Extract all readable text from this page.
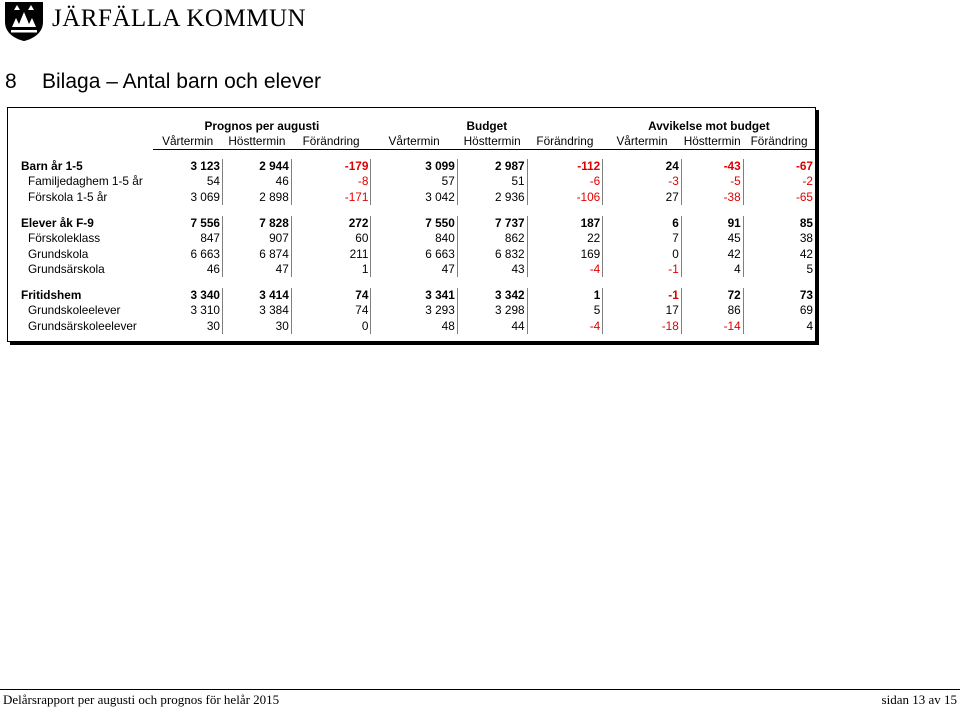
JÄRFÄLLA KOMMUN
8 Bilaga – Antal barn och elever
	Prognos per augusti			Budget			Avvikelse mot budget		
	Vårtermin	Hösttermin	Förändring	Vårtermin	Hösttermin	Förändring	Vårtermin	Hösttermin	Förändring

Barn år 1-5	3 123	2 944	-179	3 099	2 987	-112	24	-43	-67
Familjedaghem 1-5 år	54	46	-8	57	51	-6	-3	-5	-2
Förskola 1-5 år	3 069	2 898	-171	3 042	2 936	-106	27	-38	-65

Elever åk F-9	7 556	7 828	272	7 550	7 737	187	6	91	85
Förskoleklass	847	907	60	840	862	22	7	45	38
Grundskola	6 663	6 874	211	6 663	6 832	169	0	42	42
Grundsärskola	46	47	1	47	43	-4	-1	4	5

Fritidshem	3 340	3 414	74	3 341	3 342	1	-1	72	73
Grundskoleelever	3 310	3 384	74	3 293	3 298	5	17	86	69
Grundsärskoleelever	30	30	0	48	44	-4	-18	-14	4
Delårsrapport per augusti och prognos för helår 2015	sidan 13 av 15
